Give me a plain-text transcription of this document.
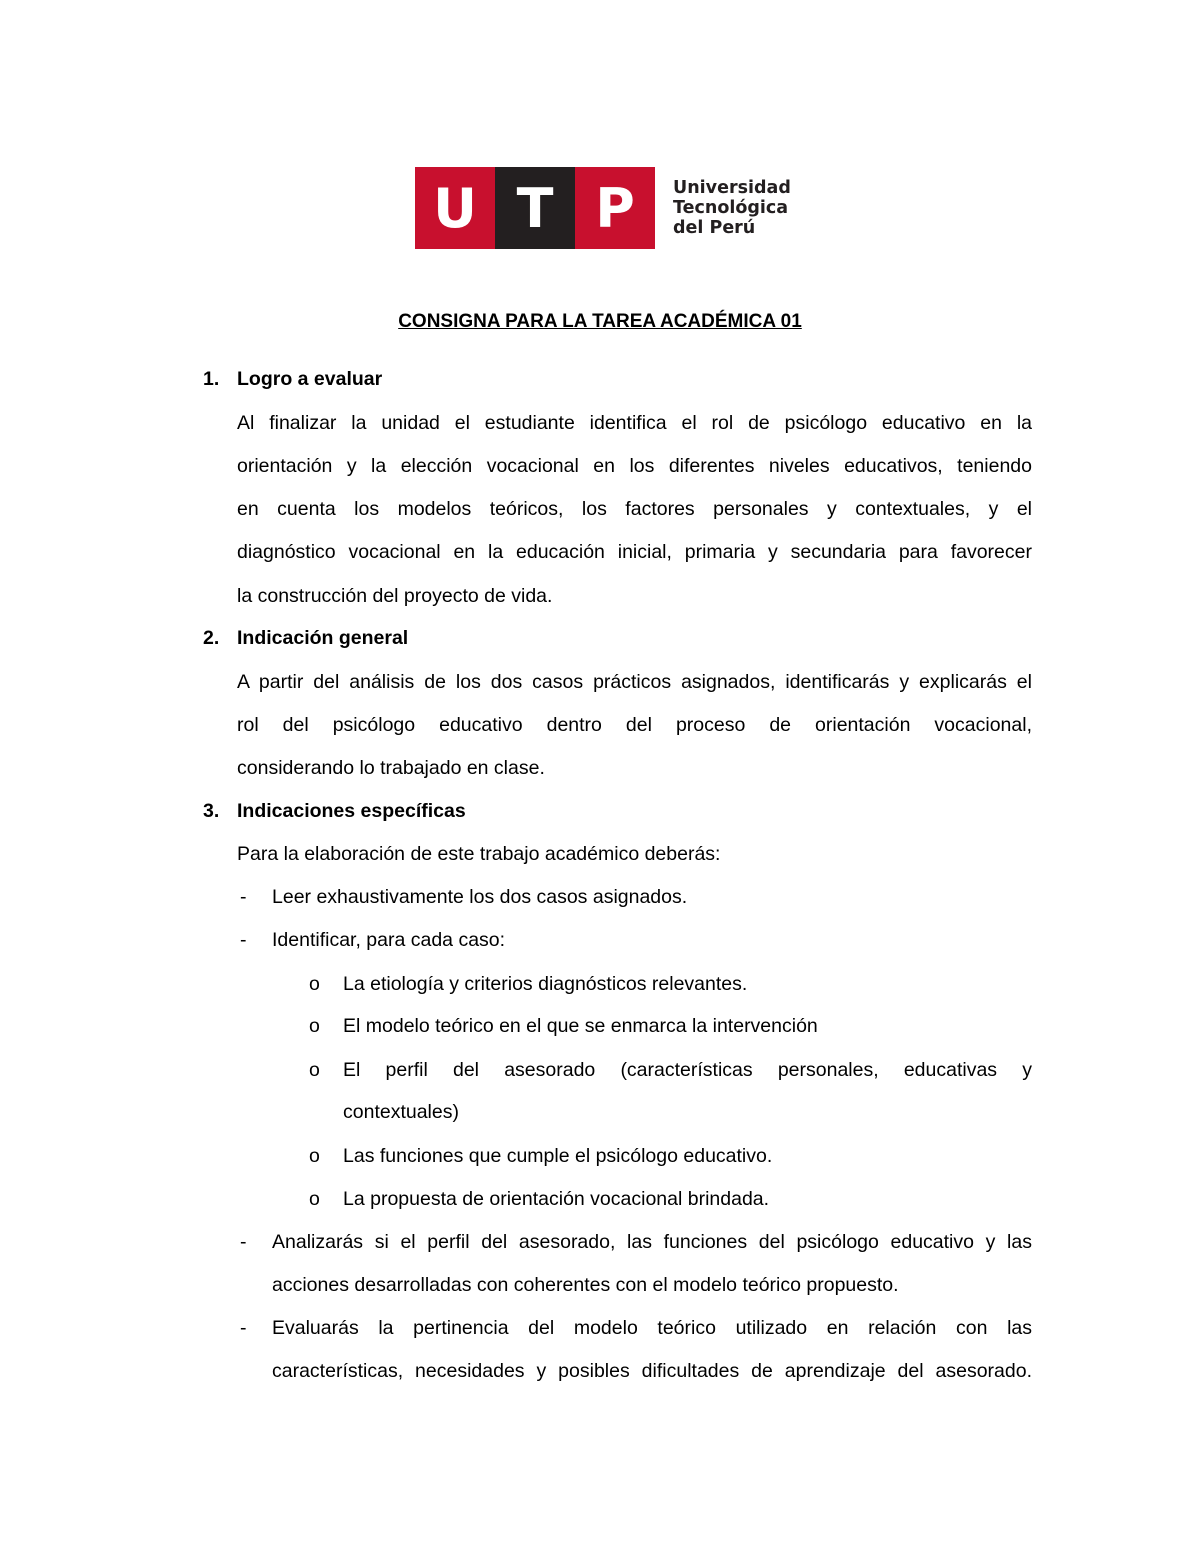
U T P	Universidad
Tecnológica
del Perú
CONSIGNA PARA LA TAREA ACADÉMICA 01
1. Logro a evaluar
Al finalizar la unidad el estudiante identifica el rol de psicólogo educativo en la
orientación y la elección vocacional en los diferentes niveles educativos, teniendo
en cuenta los modelos teóricos, los factores personales y contextuales, y el
diagnóstico vocacional en la educación inicial, primaria y secundaria para favorecer
la construcción del proyecto de vida.
2. Indicación general
A partir del análisis de los dos casos prácticos asignados, identificarás y explicarás el
rol del psicólogo educativo dentro del proceso de orientación vocacional,
considerando lo trabajado en clase.
3. Indicaciones específicas
Para la elaboración de este trabajo académico deberás:
- Leer exhaustivamente los dos casos asignados.
- Identificar, para cada caso:
o La etiología y criterios diagnósticos relevantes.
o El modelo teórico en el que se enmarca la intervención
o El perfil del asesorado (características personales, educativas y
contextuales)
o Las funciones que cumple el psicólogo educativo.
o La propuesta de orientación vocacional brindada.
- Analizarás si el perfil del asesorado, las funciones del psicólogo educativo y las
acciones desarrolladas con coherentes con el modelo teórico propuesto.
- Evaluarás la pertinencia del modelo teórico utilizado en relación con las
características, necesidades y posibles dificultades de aprendizaje del asesorado.
